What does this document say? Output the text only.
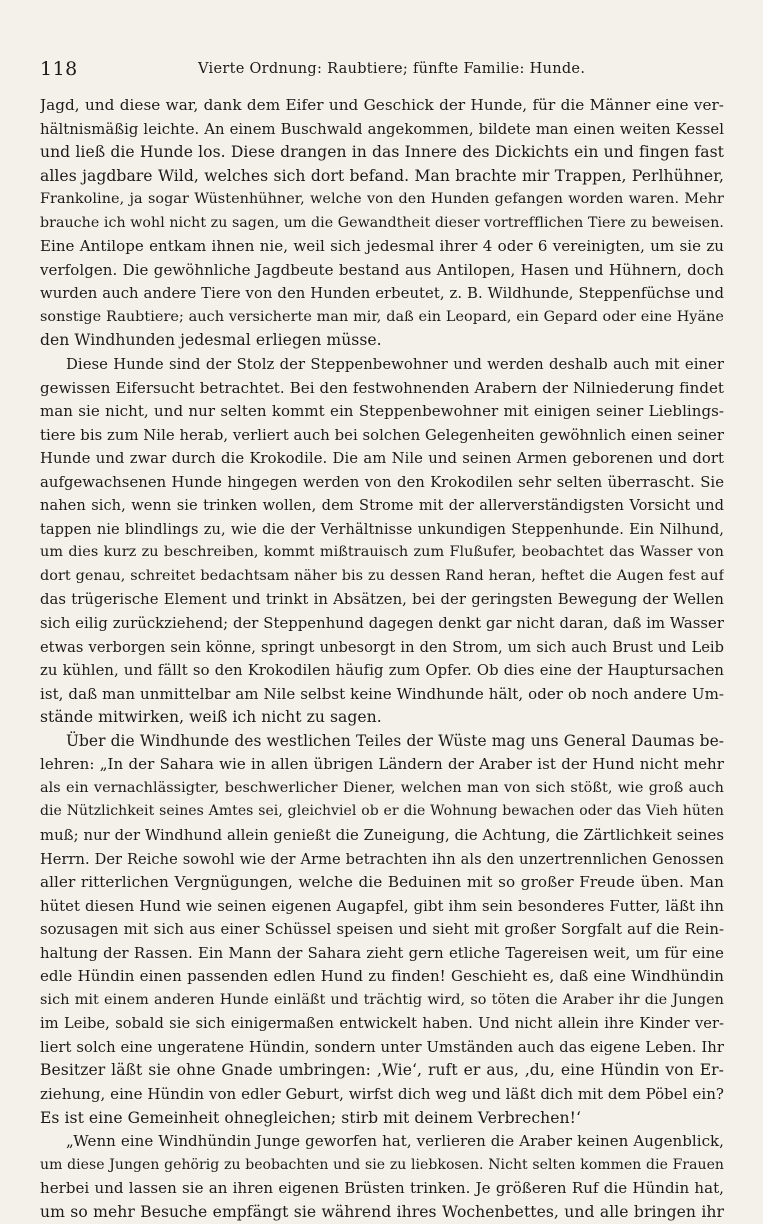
118	Vierte Ordnung: Raubtiere; fünfte Familie: Hunde.

Jagd, und diese war, dank dem Eifer und Geschick der Hunde, für die Männer eine ver-
hältnismäßig leichte. An einem Buschwald angekommen, bildete man einen weiten Kessel
und ließ die Hunde los. Diese drangen in das Innere des Dickichts ein und fingen fast
alles jagdbare Wild, welches sich dort befand. Man brachte mir Trappen, Perlhühner,
Frankoline, ja sogar Wüstenhühner, welche von den Hunden gefangen worden waren. Mehr
brauche ich wohl nicht zu sagen, um die Gewandtheit dieser vortrefflichen Tiere zu beweisen.
Eine Antilope entkam ihnen nie, weil sich jedesmal ihrer 4 oder 6 vereinigten, um sie zu
verfolgen. Die gewöhnliche Jagdbeute bestand aus Antilopen, Hasen und Hühnern, doch
wurden auch andere Tiere von den Hunden erbeutet, z. B. Wildhunde, Steppenfüchse und
sonstige Raubtiere; auch versicherte man mir, daß ein Leopard, ein Gepard oder eine Hyäne
den Windhunden jedesmal erliegen müsse.

Diese Hunde sind der Stolz der Steppenbewohner und werden deshalb auch mit einer
gewissen Eifersucht betrachtet. Bei den festwohnenden Arabern der Nilniederung findet
man sie nicht, und nur selten kommt ein Steppenbewohner mit einigen seiner Lieblings-
tiere bis zum Nile herab, verliert auch bei solchen Gelegenheiten gewöhnlich einen seiner
Hunde und zwar durch die Krokodile. Die am Nile und seinen Armen geborenen und dort
aufgewachsenen Hunde hingegen werden von den Krokodilen sehr selten überrascht. Sie
nahen sich, wenn sie trinken wollen, dem Strome mit der allerverständigsten Vorsicht und
tappen nie blindlings zu, wie die der Verhältnisse unkundigen Steppenhunde. Ein Nilhund,
um dies kurz zu beschreiben, kommt mißtrauisch zum Flußufer, beobachtet das Wasser von
dort genau, schreitet bedachtsam näher bis zu dessen Rand heran, heftet die Augen fest auf
das trügerische Element und trinkt in Absätzen, bei der geringsten Bewegung der Wellen
sich eilig zurückziehend; der Steppenhund dagegen denkt gar nicht daran, daß im Wasser
etwas verborgen sein könne, springt unbesorgt in den Strom, um sich auch Brust und Leib
zu kühlen, und fällt so den Krokodilen häufig zum Opfer. Ob dies eine der Hauptursachen
ist, daß man unmittelbar am Nile selbst keine Windhunde hält, oder ob noch andere Um-
stände mitwirken, weiß ich nicht zu sagen.

Über die Windhunde des westlichen Teiles der Wüste mag uns General Daumas be-
lehren: „In der Sahara wie in allen übrigen Ländern der Araber ist der Hund nicht mehr
als ein vernachlässigter, beschwerlicher Diener, welchen man von sich stößt, wie groß auch
die Nützlichkeit seines Amtes sei, gleichviel ob er die Wohnung bewachen oder das Vieh hüten
muß; nur der Windhund allein genießt die Zuneigung, die Achtung, die Zärtlichkeit seines
Herrn. Der Reiche sowohl wie der Arme betrachten ihn als den unzertrennlichen Genossen
aller ritterlichen Vergnügungen, welche die Beduinen mit so großer Freude üben. Man
hütet diesen Hund wie seinen eigenen Augapfel, gibt ihm sein besonderes Futter, läßt ihn
sozusagen mit sich aus einer Schüssel speisen und sieht mit großer Sorgfalt auf die Rein-
haltung der Rassen. Ein Mann der Sahara zieht gern etliche Tagereisen weit, um für eine
edle Hündin einen passenden edlen Hund zu finden! Geschieht es, daß eine Windhündin
sich mit einem anderen Hunde einläßt und trächtig wird, so töten die Araber ihr die Jungen
im Leibe, sobald sie sich einigermaßen entwickelt haben. Und nicht allein ihre Kinder ver-
liert solch eine ungeratene Hündin, sondern unter Umständen auch das eigene Leben. Ihr
Besitzer läßt sie ohne Gnade umbringen: ‚Wie‘, ruft er aus, ‚du, eine Hündin von Er-
ziehung, eine Hündin von edler Geburt, wirfst dich weg und läßt dich mit dem Pöbel ein?
Es ist eine Gemeinheit ohnegleichen; stirb mit deinem Verbrechen!‘

„Wenn eine Windhündin Junge geworfen hat, verlieren die Araber keinen Augenblick,
um diese Jungen gehörig zu beobachten und sie zu liebkosen. Nicht selten kommen die Frauen
herbei und lassen sie an ihren eigenen Brüsten trinken. Je größeren Ruf die Hündin hat,
um so mehr Besuche empfängt sie während ihres Wochenbettes, und alle bringen ihr
